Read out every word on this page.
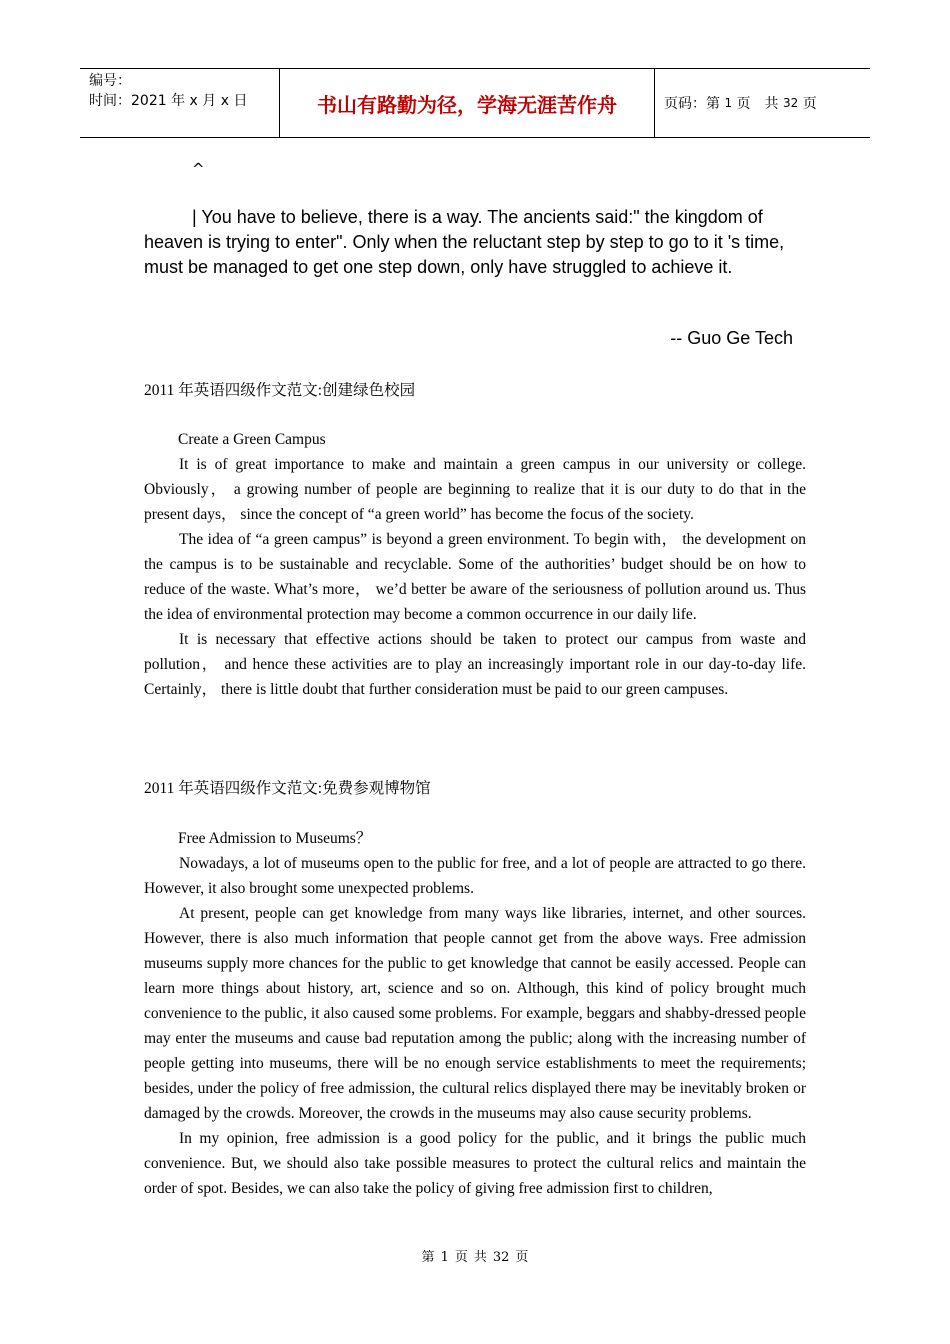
编号：
时间：2021 年 x 月 x 日	书山有路勤为径，学海无涯苦作舟	页码：第
1
页　共
32
页
^

| You have to believe, there is a way. The ancients said:" the kingdom of heaven is trying to enter". Only when the reluctant step by step to go to it 's time, must be managed to get one step down, only have struggled to achieve it.

-- Guo Ge Tech
2011 年英语四级作文范文:创建绿色校园

Create a Green Campus

It is of great importance to make and maintain a green campus in our university or college. Obviously， a growing number of people are beginning to realize that it is our duty to do that in the present days， since the concept of “a green world” has become the focus of the society.

The idea of “a green campus” is beyond a green environment. To begin with， the development on the campus is to be sustainable and recyclable. Some of the authorities’ budget should be on how to reduce of the waste. What’s more， we’d better be aware of the seriousness of pollution around us. Thus the idea of environmental protection may become a common occurrence in our daily life.

It is necessary that effective actions should be taken to protect our campus from waste and pollution， and hence these activities are to play an increasingly important role in our day-to-day life. Certainly， there is little doubt that further consideration must be paid to our green campuses.

2011 年英语四级作文范文:免费参观博物馆

Free Admission to Museums？

Nowadays, a lot of museums open to the public for free, and a lot of people are attracted to go there. However, it also brought some unexpected problems.

At present, people can get knowledge from many ways like libraries, internet, and other sources. However, there is also much information that people cannot get from the above ways. Free admission museums supply more chances for the public to get knowledge that cannot be easily accessed. People can learn more things about history, art, science and so on. Although, this kind of policy brought much convenience to the public, it also caused some problems. For example, beggars and shabby-dressed people may enter the museums and cause bad reputation among the public; along with the increasing number of people getting into museums, there will be no enough service establishments to meet the requirements; besides, under the policy of free admission, the cultural relics displayed there may be inevitably broken or damaged by the crowds. Moreover, the crowds in the museums may also cause security problems.

In my opinion, free admission is a good policy for the public, and it brings the public much convenience. But, we should also take possible measures to protect the cultural relics and maintain the order of spot. Besides, we can also take the policy of giving free admission first to children,

第 1 页 共 32 页
